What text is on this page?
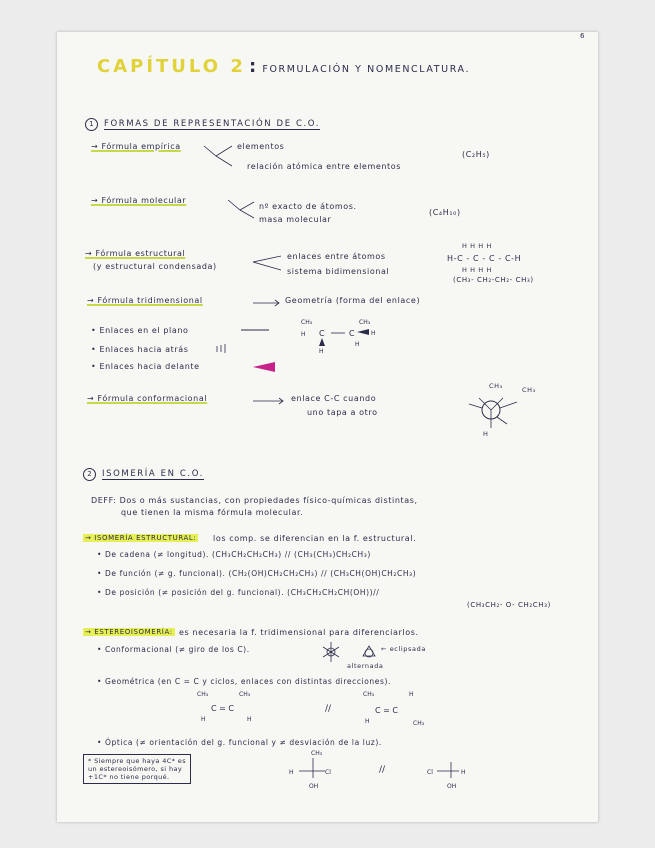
6
CAPÍTULO 2 : FORMULACIÓN Y NOMENCLATURA.
1 FORMAS DE REPRESENTACIÓN DE C.O.
→ Fórmula empírica	elementos
relación atómica entre elementos
(C₂H₅)
→ Fórmula molecular
nº exacto de átomos.
masa molecular
(C₄H₁₀)
→ Fórmula estructural
(y estructural condensada)
enlaces entre átomos
sistema bidimensional
H H H H
H-C - C - C - C-H
H H H H
(CH₃- CH₂-CH₂- CH₃)
→ Fórmula tridimensional	Geometría (forma del enlace)
• Enlaces en el plano
• Enlaces hacia atrás
• Enlaces hacia delante
CH₃
H C	C
CH₃
H
H
H
→ Fórmula conformacional	enlace C-C cuando
uno tapa a otro
CH₃	CH₃
H
2 ISOMERÍA EN C.O.
DEFF: Dos o más sustancias, con propiedades físico-químicas distintas,
que tienen la misma fórmula molecular.
→ ISOMERÍA ESTRUCTURAL: los comp. se diferencian en la f. estructural.
• De cadena (≠ longitud). (CH₃CH₂CH₂CH₃) // (CH₃(CH₃)CH₂CH₃)
• De función (≠ g. funcional). (CH₂(OH)CH₂CH₂CH₃) // (CH₃CH(OH)CH₂CH₃)
• De posición (≠ posición del g. funcional). (CH₃CH₂CH₂CH(OH))//
(CH₃CH₂- O- CH₂CH₃)
→ ESTEREOISOMERÍA: es necesaria la f. tridimensional para diferenciarlos.
• Conformacional (≠ giro de los C).	← eclipsada
alternada
• Geométrica (en C = C y ciclos, enlaces con distintas direcciones).
CH₃	CH₃
C = C
H	H
//
CH₃	H
C = C
H	CH₃
• Óptica (≠ orientación del g. funcional y ≠ desviación de la luz).
* Siempre que haya 4C* es
un estereoisómero, si hay
+1C* no tiene porqué.
CH₃
H	Cl
OH
//	Cl	H
OH
